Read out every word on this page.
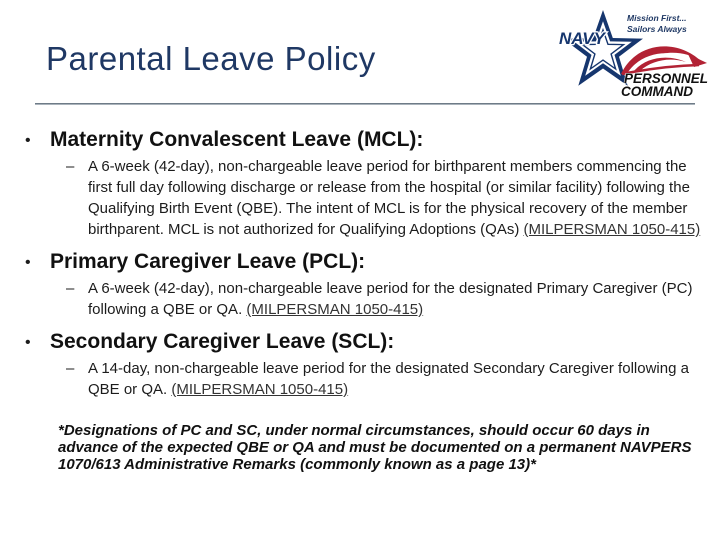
Parental Leave Policy
NAVY
Mission First...
Sailors Always
PERSONNEL
COMMAND
• Maternity Convalescent Leave (MCL):
– A 6-week (42-day), non-chargeable leave period for birthparent members commencing the first full day following discharge or release from the hospital (or similar facility) following the Qualifying Birth Event (QBE). The intent of MCL is for the physical recovery of the member birthparent. MCL is not authorized for Qualifying Adoptions (QAs) (MILPERSMAN 1050-415)

• Primary Caregiver Leave (PCL):
– A 6-week (42-day), non-chargeable leave period for the designated Primary Caregiver (PC) following a QBE or QA. (MILPERSMAN 1050-415)

• Secondary Caregiver Leave (SCL):
– A 14-day, non-chargeable leave period for the designated Secondary Caregiver following a QBE or QA. (MILPERSMAN 1050-415)

*Designations of PC and SC, under normal circumstances, should occur 60 days in advance of the expected QBE or QA and must be documented on a permanent NAVPERS 1070/613 Administrative Remarks (commonly known as a page 13)*
